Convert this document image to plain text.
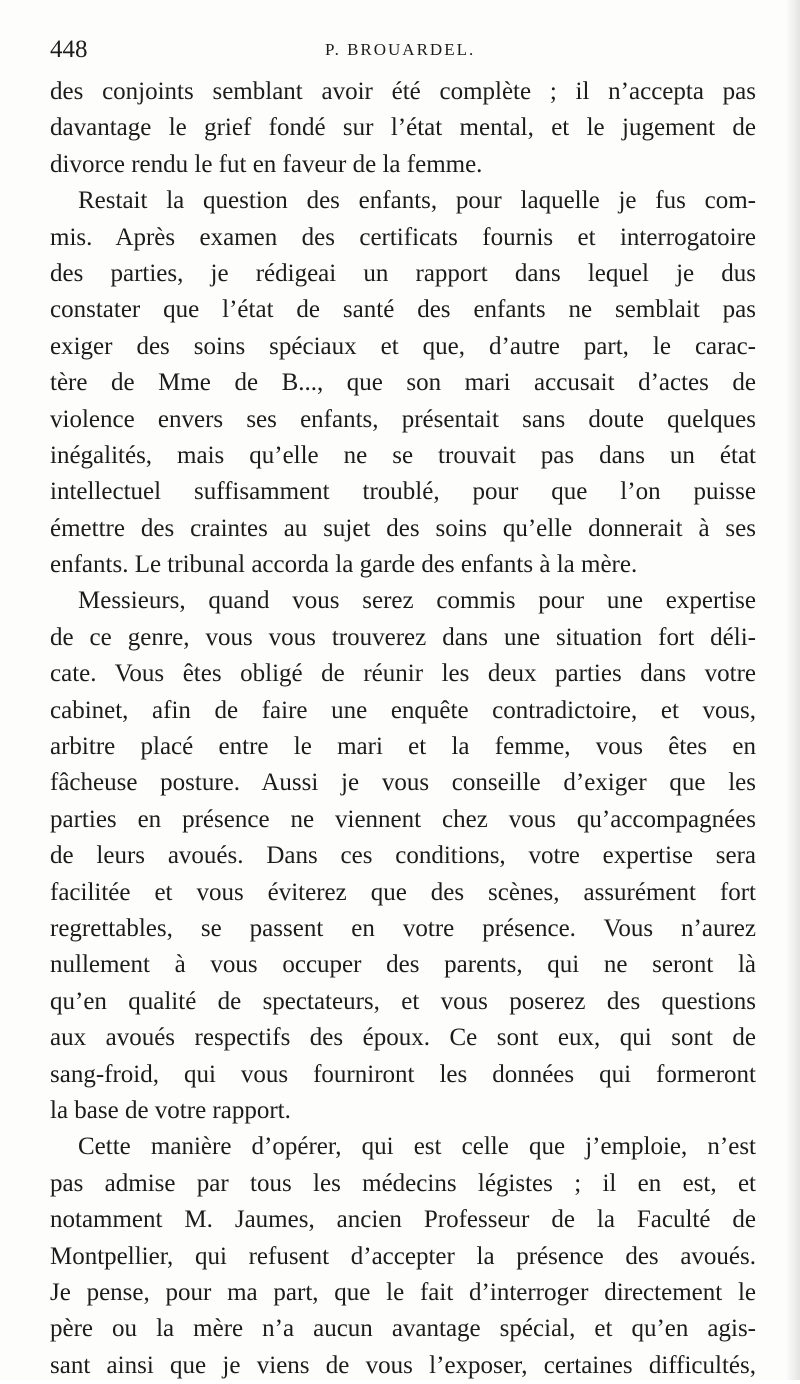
448	P. BROUARDEL.
des conjoints semblant avoir été complète ; il n’accepta pas
davantage le grief fondé sur l’état mental, et le jugement de
divorce rendu le fut en faveur de la femme.
Restait la question des enfants, pour laquelle je fus com-
mis. Après examen des certificats fournis et interrogatoire
des parties, je rédigeai un rapport dans lequel je dus
constater que l’état de santé des enfants ne semblait pas
exiger des soins spéciaux et que, d’autre part, le carac-
tère de Mme de B..., que son mari accusait d’actes de
violence envers ses enfants, présentait sans doute quelques
inégalités, mais qu’elle ne se trouvait pas dans un état
intellectuel suffisamment troublé, pour que l’on puisse
émettre des craintes au sujet des soins qu’elle donnerait à ses
enfants. Le tribunal accorda la garde des enfants à la mère.
Messieurs, quand vous serez commis pour une expertise
de ce genre, vous vous trouverez dans une situation fort déli-
cate. Vous êtes obligé de réunir les deux parties dans votre
cabinet, afin de faire une enquête contradictoire, et vous,
arbitre placé entre le mari et la femme, vous êtes en
fâcheuse posture. Aussi je vous conseille d’exiger que les
parties en présence ne viennent chez vous qu’accompagnées
de leurs avoués. Dans ces conditions, votre expertise sera
facilitée et vous éviterez que des scènes, assurément fort
regrettables, se passent en votre présence. Vous n’aurez
nullement à vous occuper des parents, qui ne seront là
qu’en qualité de spectateurs, et vous poserez des questions
aux avoués respectifs des époux. Ce sont eux, qui sont de
sang-froid, qui vous fourniront les données qui formeront
la base de votre rapport.
Cette manière d’opérer, qui est celle que j’emploie, n’est
pas admise par tous les médecins légistes ; il en est, et
notamment M. Jaumes, ancien Professeur de la Faculté de
Montpellier, qui refusent d’accepter la présence des avoués.
Je pense, pour ma part, que le fait d’interroger directement le
père ou la mère n’a aucun avantage spécial, et qu’en agis-
sant ainsi que je viens de vous l’exposer, certaines difficultés,
